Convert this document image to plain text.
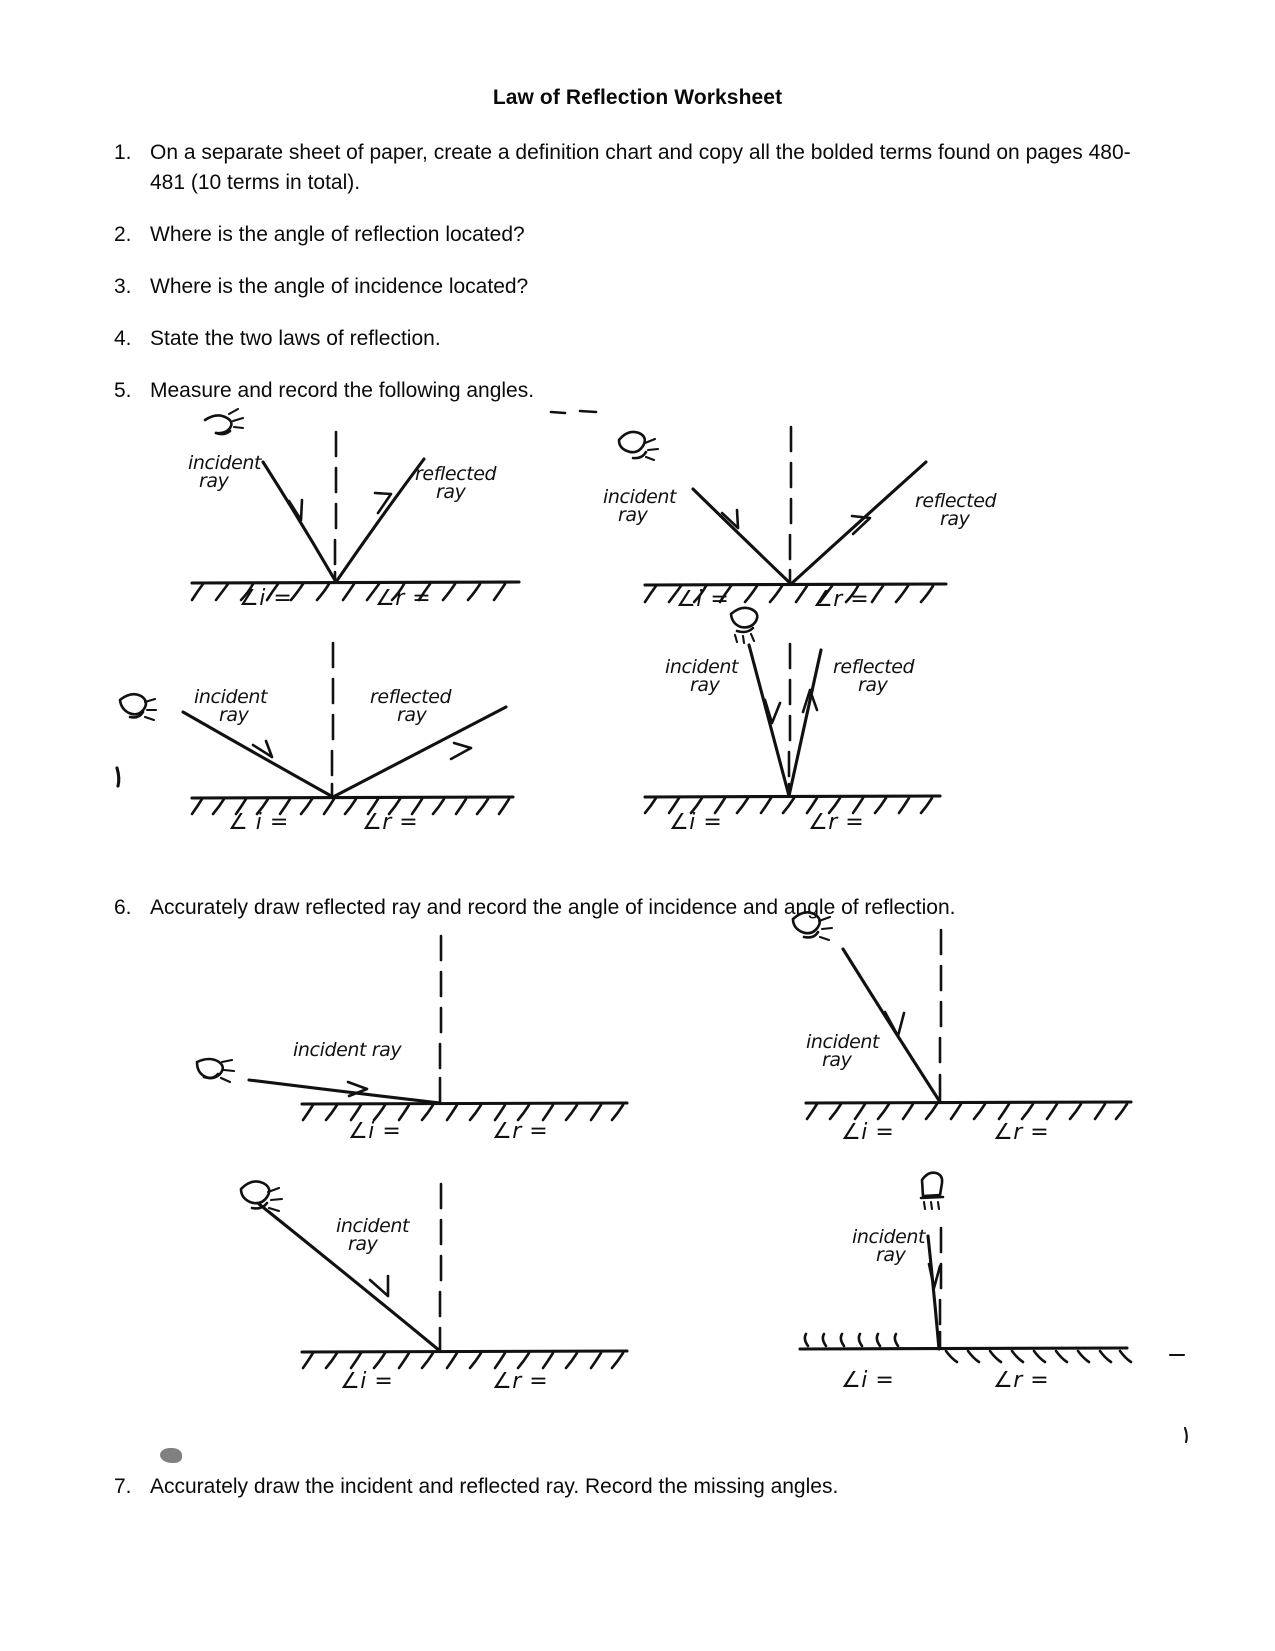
Law of Reflection Worksheet
1. On a separate sheet of paper, create a definition chart and copy all the bolded terms found on pages 480-481 (10 terms in total).
2. Where is the angle of reflection located?
3. Where is the angle of incidence located?
4. State the two laws of reflection.
5. Measure and record the following angles.
6. Accurately draw reflected ray and record the angle of incidence and angle of reflection.
7. Accurately draw the incident and reflected ray. Record the missing angles.
incident
ray	reflected
ray
∠i =	∠r =
incident
ray
reflected
ray
∠i =	∠r =
incident
ray
reflected
ray
∠ i =	∠r =
incident
ray
reflected
ray
∠i =	∠r =
incident ray
∠i =	∠r =
incident
ray
∠i =	∠r =
incident
ray
∠i =	∠r =
incident
ray
∠i =	∠r =
